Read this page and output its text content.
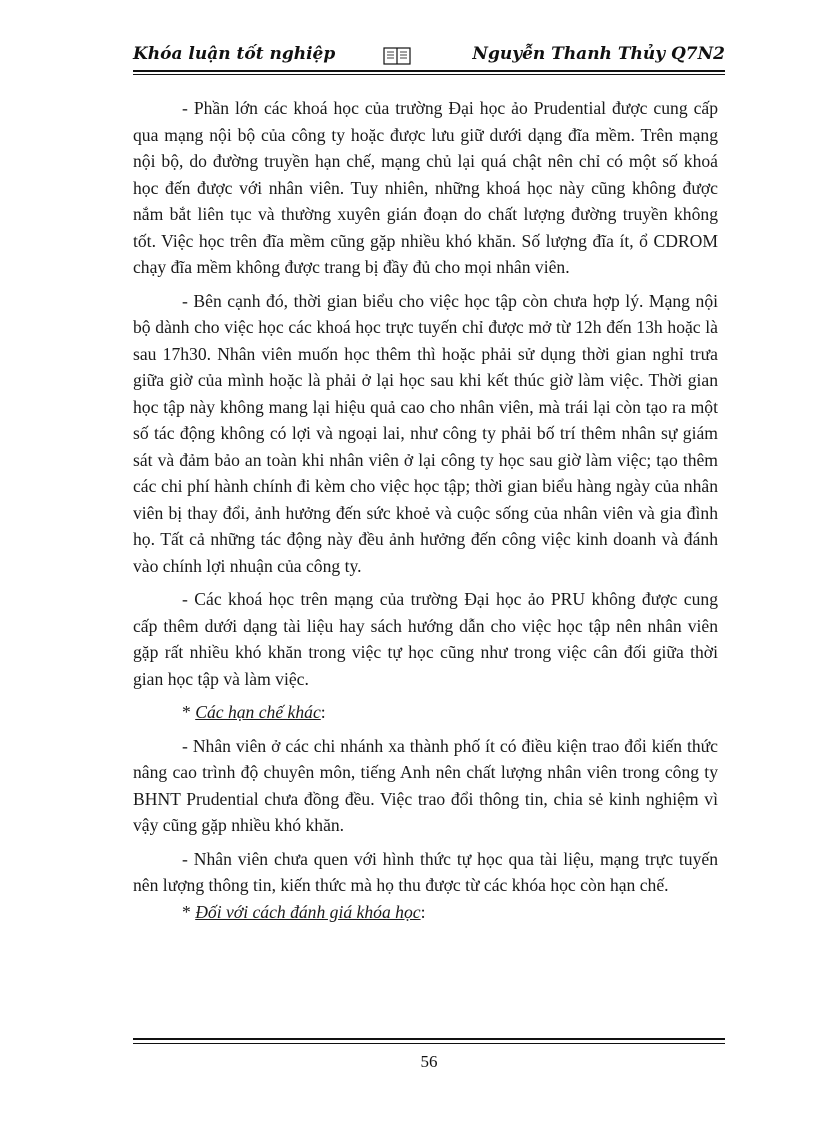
Khóa luận tốt nghiệp	Nguyễn Thanh Thủy Q7N2

- Phần lớn các khoá học của trường Đại học ảo Prudential được cung cấp qua mạng nội bộ của công ty hoặc được lưu giữ dưới dạng đĩa mềm. Trên mạng nội bộ, do đường truyền hạn chế, mạng chủ lại quá chật nên chỉ có một số khoá học đến được với nhân viên. Tuy nhiên, những khoá học này cũng không được nắm bắt liên tục và thường xuyên gián đoạn do chất lượng đường truyền không tốt. Việc học trên đĩa mềm cũng gặp nhiều khó khăn. Số lượng đĩa ít, ổ CDROM chạy đĩa mềm không được trang bị đầy đủ cho mọi nhân viên.

- Bên cạnh đó, thời gian biểu cho việc học tập còn chưa hợp lý. Mạng nội bộ dành cho việc học các khoá học trực tuyến chỉ được mở từ 12h đến 13h hoặc là sau 17h30. Nhân viên muốn học thêm thì hoặc phải sử dụng thời gian nghỉ trưa giữa giờ của mình hoặc là phải ở lại học sau khi kết thúc giờ làm việc. Thời gian học tập này không mang lại hiệu quả cao cho nhân viên, mà trái lại còn tạo ra một số tác động không có lợi và ngoại lai, như công ty phải bố trí thêm nhân sự giám sát và đảm bảo an toàn khi nhân viên ở lại công ty học sau giờ làm việc; tạo thêm các chi phí hành chính đi kèm cho việc học tập; thời gian biểu hàng ngày của nhân viên bị thay đổi, ảnh hưởng đến sức khoẻ và cuộc sống của nhân viên và gia đình họ. Tất cả những tác động này đều ảnh hưởng đến công việc kinh doanh và đánh vào chính lợi nhuận của công ty.

- Các khoá học trên mạng của trường Đại học ảo PRU không được cung cấp thêm dưới dạng tài liệu hay sách hướng dẫn cho việc học tập nên nhân viên gặp rất nhiều khó khăn trong việc tự học cũng như trong việc cân đối giữa thời gian học tập và làm việc.

* Các hạn chế khác:

- Nhân viên ở các chi nhánh xa thành phố ít có điều kiện trao đổi kiến thức nâng cao trình độ chuyên môn, tiếng Anh nên chất lượng nhân viên trong công ty BHNT Prudential chưa đồng đều. Việc trao đổi thông tin, chia sẻ kinh nghiệm vì vậy cũng gặp nhiều khó khăn.

- Nhân viên chưa quen với hình thức tự học qua tài liệu, mạng trực tuyến nên lượng thông tin, kiến thức mà họ thu được từ các khóa học còn hạn chế.

* Đối với cách đánh giá khóa học:

56
